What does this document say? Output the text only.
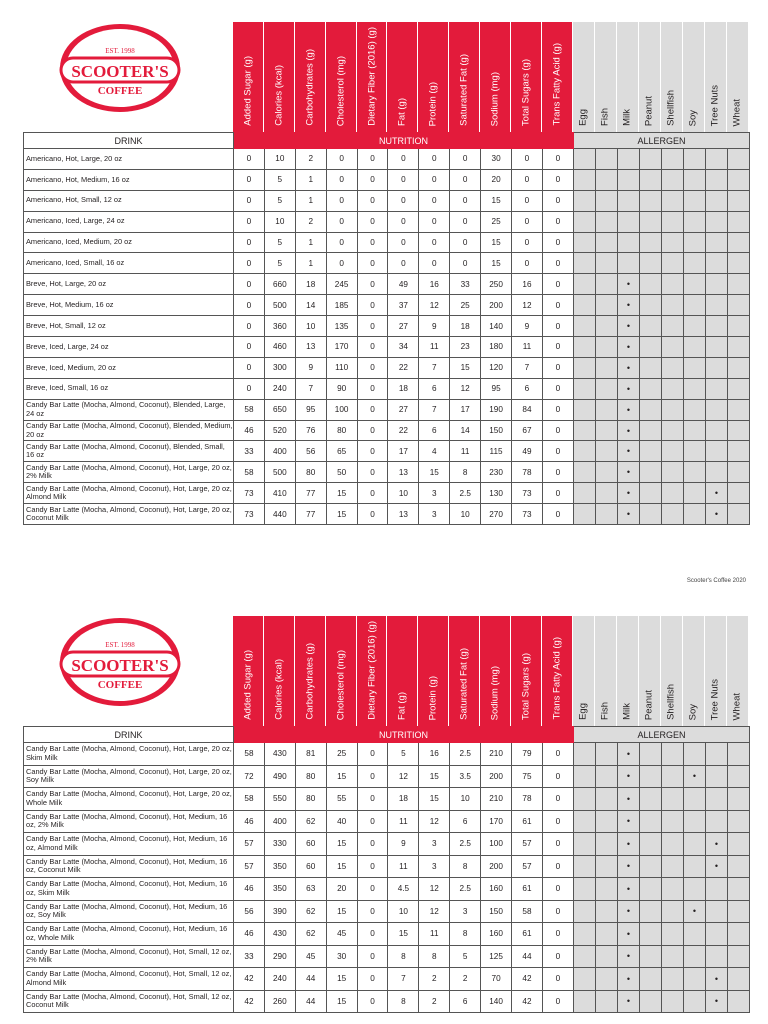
EST. 1998
SCOOTER'S
COFFEE	Added Sugar (g) Calories (kcal) Carbohydrates (g) Cholesterol (mg) Dietary Fiber (2016) (g) Fat (g) Protein (g) Saturated Fat (g) Sodium (mg) Total Sugars (g) Trans Fatty Acid (g) Egg Fish Milk Peanut Shellfish Soy Tree Nuts Wheat
DRINK	NUTRITION											ALLERGEN							
Americano, Hot, Large, 20 oz	0	10	2	0	0	0	0	0	30	0	0								
Americano, Hot, Medium, 16 oz	0	5	1	0	0	0	0	0	20	0	0								
Americano, Hot, Small, 12 oz	0	5	1	0	0	0	0	0	15	0	0								
Americano, Iced, Large, 24 oz	0	10	2	0	0	0	0	0	25	0	0								
Americano, Iced, Medium, 20 oz	0	5	1	0	0	0	0	0	15	0	0								
Americano, Iced, Small, 16 oz	0	5	1	0	0	0	0	0	15	0	0								
Breve, Hot, Large, 20 oz	0	660	18	245	0	49	16	33	250	16	0			•					
Breve, Hot, Medium, 16 oz	0	500	14	185	0	37	12	25	200	12	0			•					
Breve, Hot, Small, 12 oz	0	360	10	135	0	27	9	18	140	9	0			•					
Breve, Iced, Large, 24 oz	0	460	13	170	0	34	11	23	180	11	0			•					
Breve, Iced, Medium, 20 oz	0	300	9	110	0	22	7	15	120	7	0			•					
Breve, Iced, Small, 16 oz	0	240	7	90	0	18	6	12	95	6	0			•					
Candy Bar Latte (Mocha, Almond, Coconut), Blended, Large, 24 oz	58	650	95	100	0	27	7	17	190	84	0			•					
Candy Bar Latte (Mocha, Almond, Coconut), Blended, Medium, 20 oz	46	520	76	80	0	22	6	14	150	67	0			•					
Candy Bar Latte (Mocha, Almond, Coconut), Blended, Small, 16 oz	33	400	56	65	0	17	4	11	115	49	0			•					
Candy Bar Latte (Mocha, Almond, Coconut), Hot, Large, 20 oz, 2% Milk	58	500	80	50	0	13	15	8	230	78	0			•					
Candy Bar Latte (Mocha, Almond, Coconut), Hot, Large, 20 oz, Almond Milk	73	410	77	15	0	10	3	2.5	130	73	0			•				•	
Candy Bar Latte (Mocha, Almond, Coconut), Hot, Large, 20 oz, Coconut Milk	73	440	77	15	0	13	3	10	270	73	0			•				•	
Scooter's Coffee 2020
EST. 1998
SCOOTER'S
COFFEE	Added Sugar (g) Calories (kcal) Carbohydrates (g) Cholesterol (mg) Dietary Fiber (2016) (g) Fat (g) Protein (g) Saturated Fat (g) Sodium (mg) Total Sugars (g) Trans Fatty Acid (g) Egg Fish Milk Peanut Shellfish Soy Tree Nuts Wheat
DRINK	NUTRITION											ALLERGEN							
Candy Bar Latte (Mocha, Almond, Coconut), Hot, Large, 20 oz, Skim Milk	58	430	81	25	0	5	16	2.5	210	79	0			•					
Candy Bar Latte (Mocha, Almond, Coconut), Hot, Large, 20 oz, Soy Milk	72	490	80	15	0	12	15	3.5	200	75	0			•			•		
Candy Bar Latte (Mocha, Almond, Coconut), Hot, Large, 20 oz, Whole Milk	58	550	80	55	0	18	15	10	210	78	0			•					
Candy Bar Latte (Mocha, Almond, Coconut), Hot, Medium, 16 oz, 2% Milk	46	400	62	40	0	11	12	6	170	61	0			•					
Candy Bar Latte (Mocha, Almond, Coconut), Hot, Medium, 16 oz, Almond Milk	57	330	60	15	0	9	3	2.5	100	57	0			•				•	
Candy Bar Latte (Mocha, Almond, Coconut), Hot, Medium, 16 oz, Coconut Milk	57	350	60	15	0	11	3	8	200	57	0			•				•	
Candy Bar Latte (Mocha, Almond, Coconut), Hot, Medium, 16 oz, Skim Milk	46	350	63	20	0	4.5	12	2.5	160	61	0			•					
Candy Bar Latte (Mocha, Almond, Coconut), Hot, Medium, 16 oz, Soy Milk	56	390	62	15	0	10	12	3	150	58	0			•			•		
Candy Bar Latte (Mocha, Almond, Coconut), Hot, Medium, 16 oz, Whole Milk	46	430	62	45	0	15	11	8	160	61	0			•					
Candy Bar Latte (Mocha, Almond, Coconut), Hot, Small, 12 oz, 2% Milk	33	290	45	30	0	8	8	5	125	44	0			•					
Candy Bar Latte (Mocha, Almond, Coconut), Hot, Small, 12 oz, Almond Milk	42	240	44	15	0	7	2	2	70	42	0			•				•	
Candy Bar Latte (Mocha, Almond, Coconut), Hot, Small, 12 oz, Coconut Milk	42	260	44	15	0	8	2	6	140	42	0			•				•	
